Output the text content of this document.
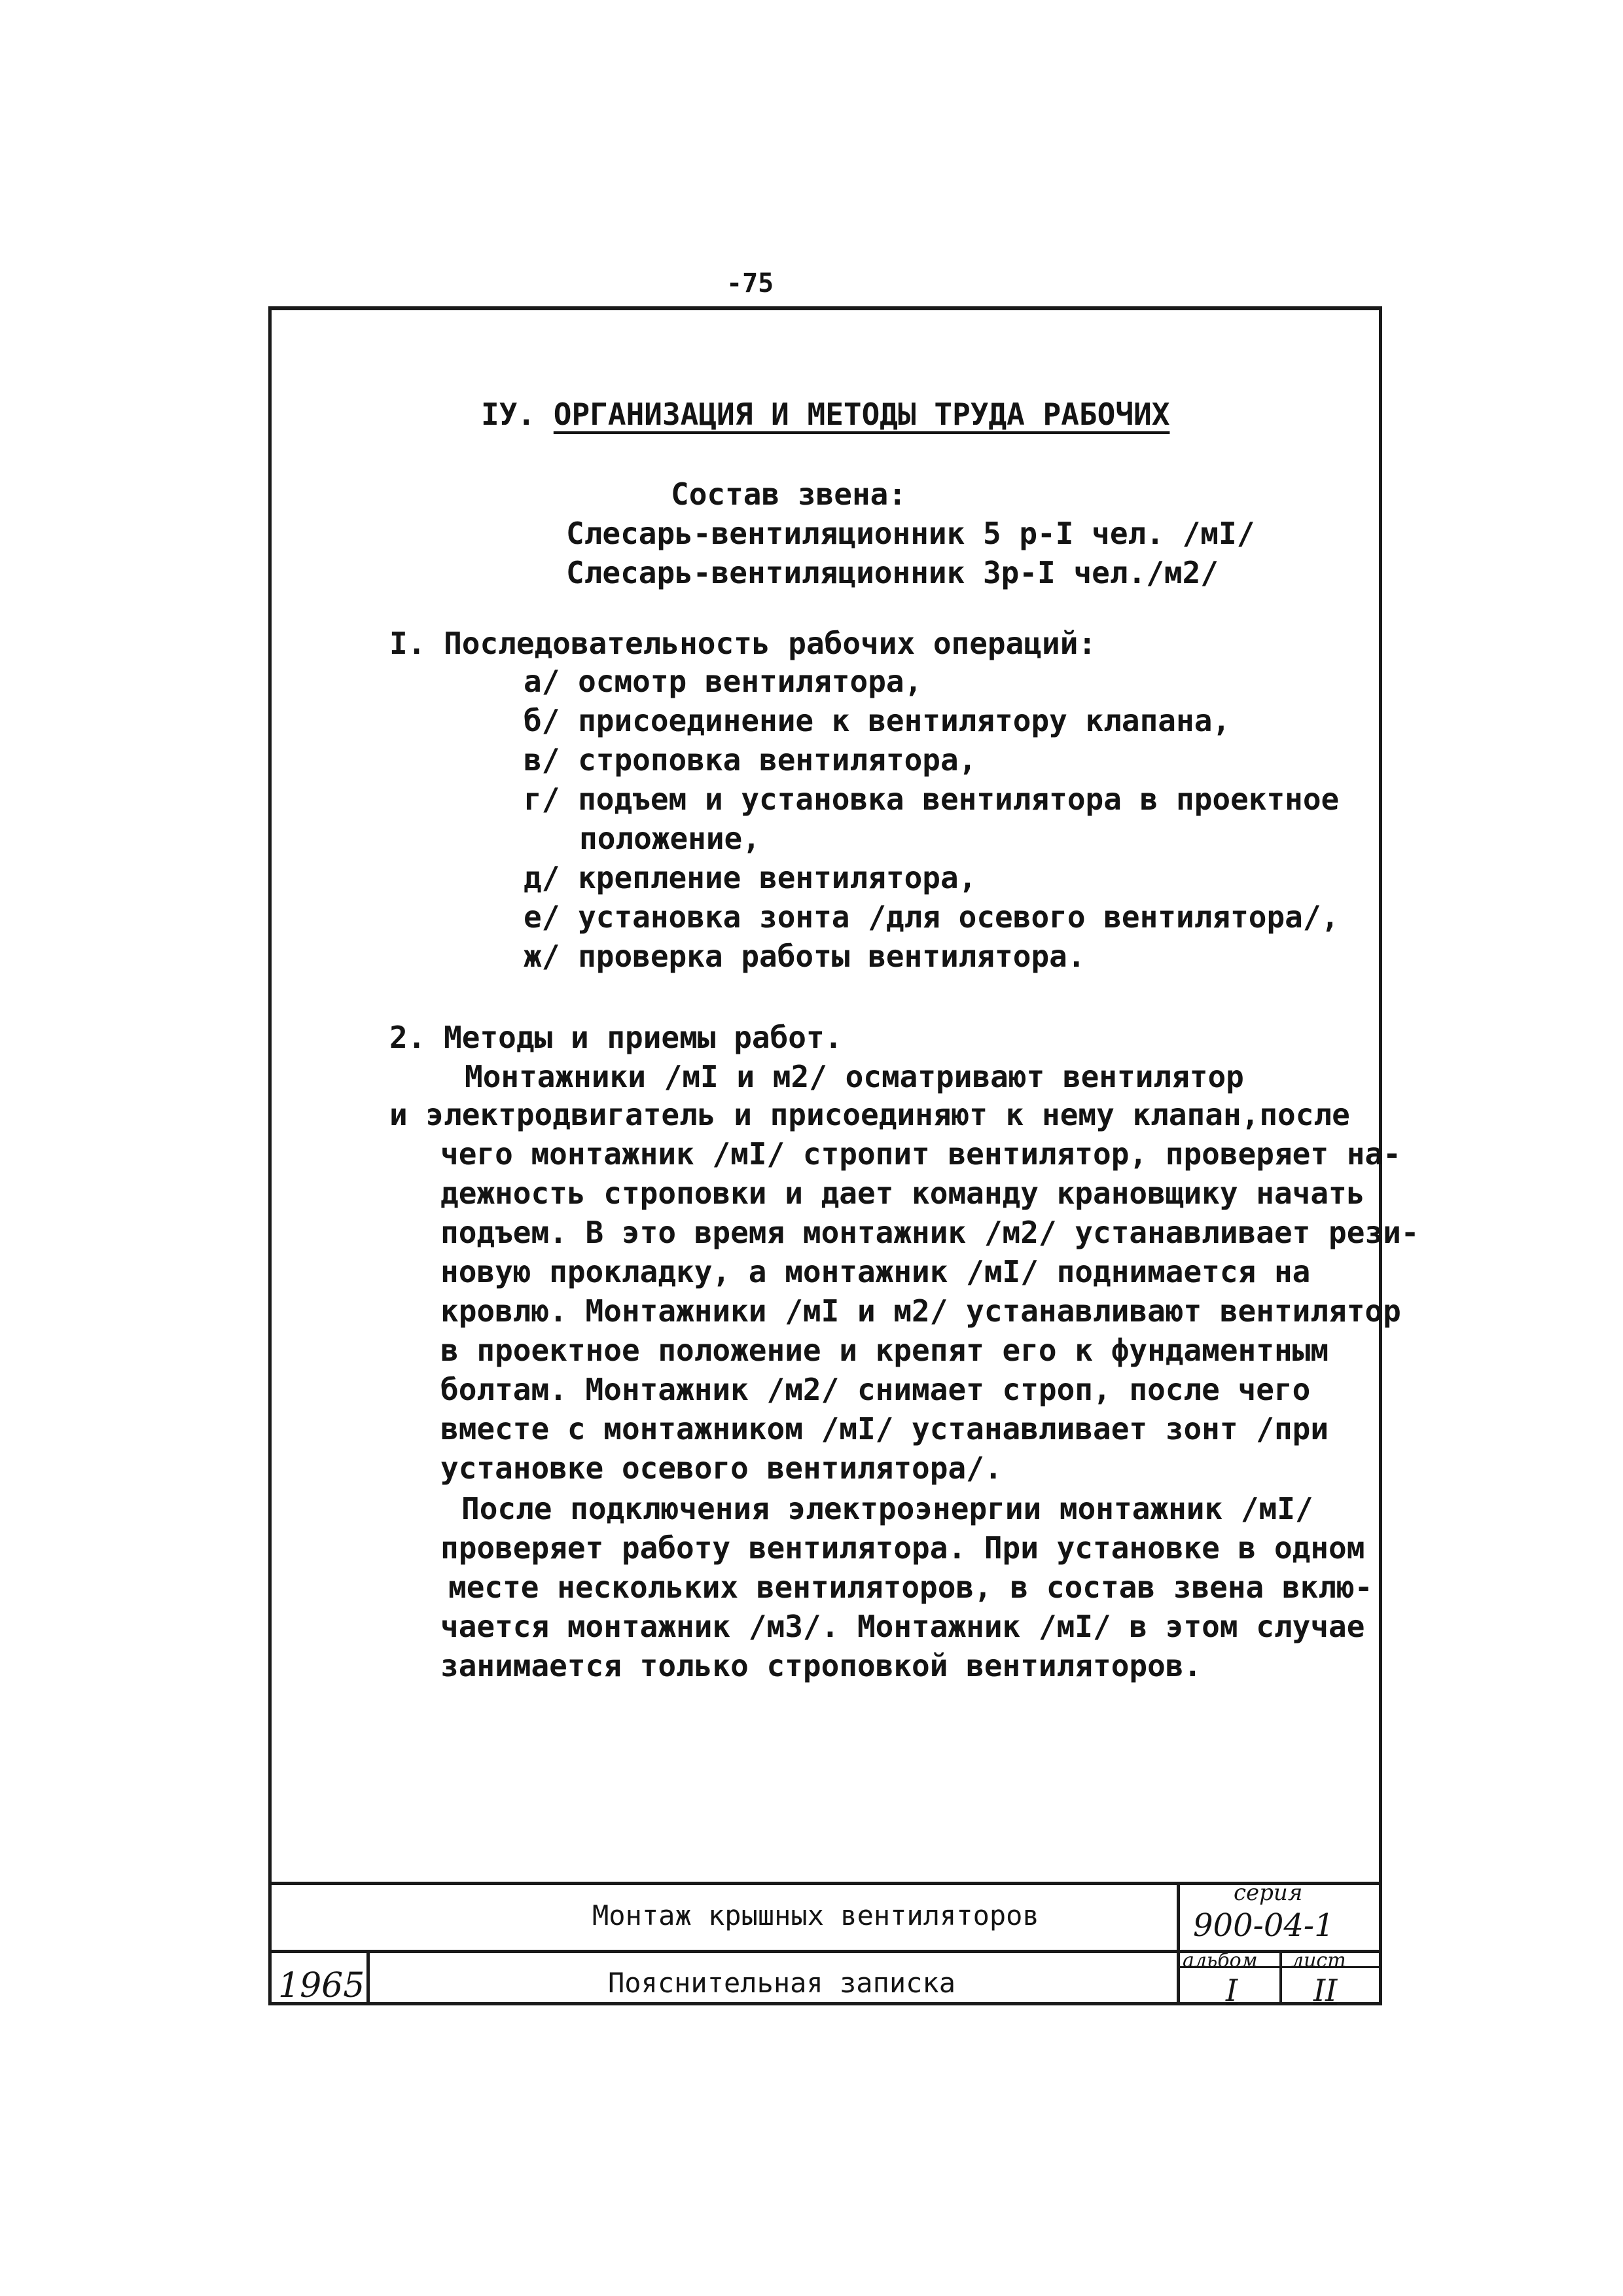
-75

IУ. ОРГАНИЗАЦИЯ И МЕТОДЫ ТРУДА РАБОЧИХ

Состав звена:

Слесарь-вентиляционник 5 р-I чел. /мI/

Слесарь-вентиляционник 3р-I чел./м2/

I. Последовательность рабочих операций:

а/ осмотр вентилятора,

б/ присоединение к вентилятору клапана,

в/ строповка вентилятора,

г/ подъем и установка вентилятора в проектное

положение,

д/ крепление вентилятора,

е/ установка зонта /для осевого вентилятора/,

ж/ проверка работы вентилятора.

2. Методы и приемы работ.

Монтажники /мI и м2/ осматривают вентилятор

и электродвигатель и присоединяют к нему клапан,после

чего монтажник /мI/ стропит вентилятор, проверяет на-

дежность строповки и дает команду крановщику начать

подъем. В это время монтажник /м2/ устанавливает рези-

новую прокладку, а монтажник /мI/ поднимается на

кровлю. Монтажники /мI и м2/ устанавливают вентилятор

в проектное положение и крепят его к фундаментным

болтам. Монтажник /м2/ снимает строп, после чего

вместе с монтажником /мI/ устанавливает зонт /при

установке осевого вентилятора/.

После подключения электроэнергии монтажник /мI/

проверяет работу вентилятора. При установке в одном

месте нескольких вентиляторов, в состав звена вклю-

чается монтажник /м3/. Монтажник /мI/ в этом случае

занимается только строповкой вентиляторов.

Монтаж крышных вентиляторов
Пояснительная записка
1965
серия
900-04-1
альбом
I
лист
II
